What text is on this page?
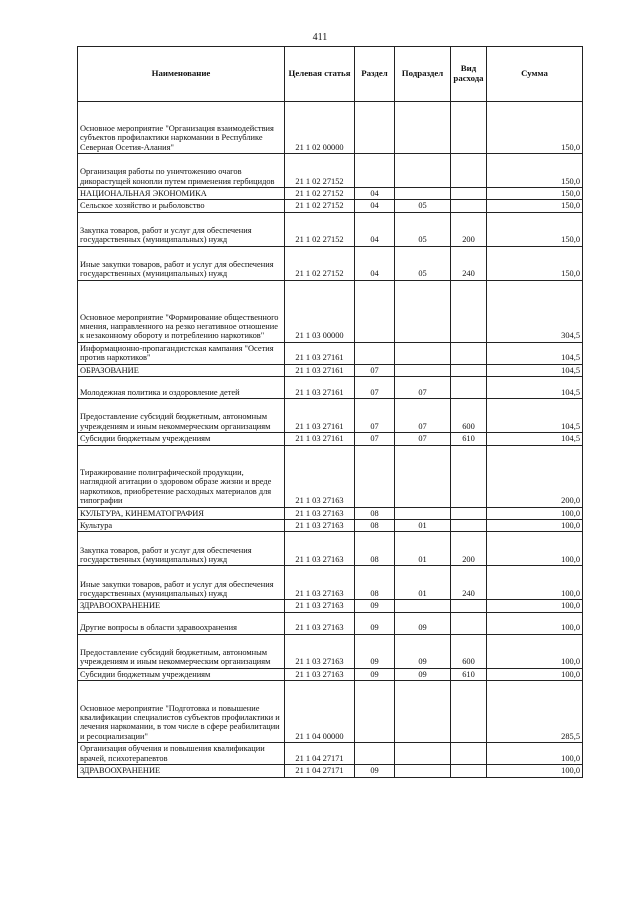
411
Наименование	Целевая статья	Раздел	Подраздел	Вид расхода	Сумма
Основное мероприятие "Организация взаимодействия субъектов профилактики наркомании в Республике Северная Осетия-Алания"	21 1 02 00000				150,0
Организация работы по уничтожению очагов дикорастущей конопли путем применения гербицидов	21 1 02 27152				150,0
НАЦИОНАЛЬНАЯ ЭКОНОМИКА	21 1 02 27152	04			150,0
Сельское хозяйство и рыболовство	21 1 02 27152	04	05		150,0
Закупка товаров, работ и услуг для обеспечения государственных (муниципальных) нужд	21 1 02 27152	04	05	200	150,0
Иные закупки товаров, работ и услуг для обеспечения государственных (муниципальных) нужд	21 1 02 27152	04	05	240	150,0
Основное мероприятие "Формирование общественного мнения, направленного на резко негативное отношение к незаконному обороту и потреблению наркотиков"	21 1 03 00000				304,5
Информационно-пропагандистская кампания "Осетия против наркотиков"	21 1 03 27161				104,5
ОБРАЗОВАНИЕ	21 1 03 27161	07			104,5
Молодежная политика и оздоровление детей	21 1 03 27161	07	07		104,5
Предоставление субсидий бюджетным, автономным учреждениям и иным некоммерческим организациям	21 1 03 27161	07	07	600	104,5
Субсидии бюджетным учреждениям	21 1 03 27161	07	07	610	104,5
Тиражирование полиграфической продукции, наглядной агитации о здоровом образе жизни и вреде наркотиков, приобретение расходных материалов для типографии	21 1 03 27163				200,0
КУЛЬТУРА, КИНЕМАТОГРАФИЯ	21 1 03 27163	08			100,0
Культура	21 1 03 27163	08	01		100,0
Закупка товаров, работ и услуг для обеспечения государственных (муниципальных) нужд	21 1 03 27163	08	01	200	100,0
Иные закупки товаров, работ и услуг для обеспечения государственных (муниципальных) нужд	21 1 03 27163	08	01	240	100,0
ЗДРАВООХРАНЕНИЕ	21 1 03 27163	09			100,0
Другие вопросы в области здравоохранения	21 1 03 27163	09	09		100,0
Предоставление субсидий бюджетным, автономным учреждениям и иным некоммерческим организациям	21 1 03 27163	09	09	600	100,0
Субсидии бюджетным учреждениям	21 1 03 27163	09	09	610	100,0
Основное мероприятие "Подготовка и повышение квалификации специалистов субъектов профилактики и лечения наркомании, в том числе в сфере реабилитации и ресоциализации"	21 1 04 00000				285,5
Организация обучения и повышения квалификации врачей, психотерапевтов	21 1 04 27171				100,0
ЗДРАВООХРАНЕНИЕ	21 1 04 27171	09			100,0
